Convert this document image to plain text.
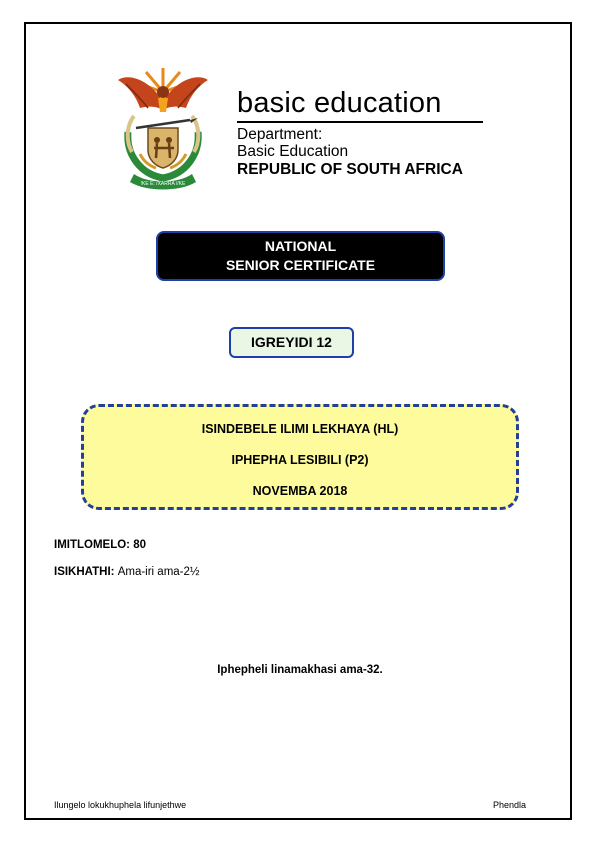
!KE E: /XARRA //KE
basic education
Department:
Basic Education
REPUBLIC OF SOUTH AFRICA
NATIONAL
SENIOR CERTIFICATE
IGREYIDI 12
ISINDEBELE ILIMI LEKHAYA (HL)
IPHEPHA LESIBILI (P2)
NOVEMBA 2018
IMITLOMELO: 80
ISIKHATHI: Ama-iri ama-2½
Iphepheli linamakhasi ama-32.
Ilungelo lokukhuphela lifunjethwe	Phendla
